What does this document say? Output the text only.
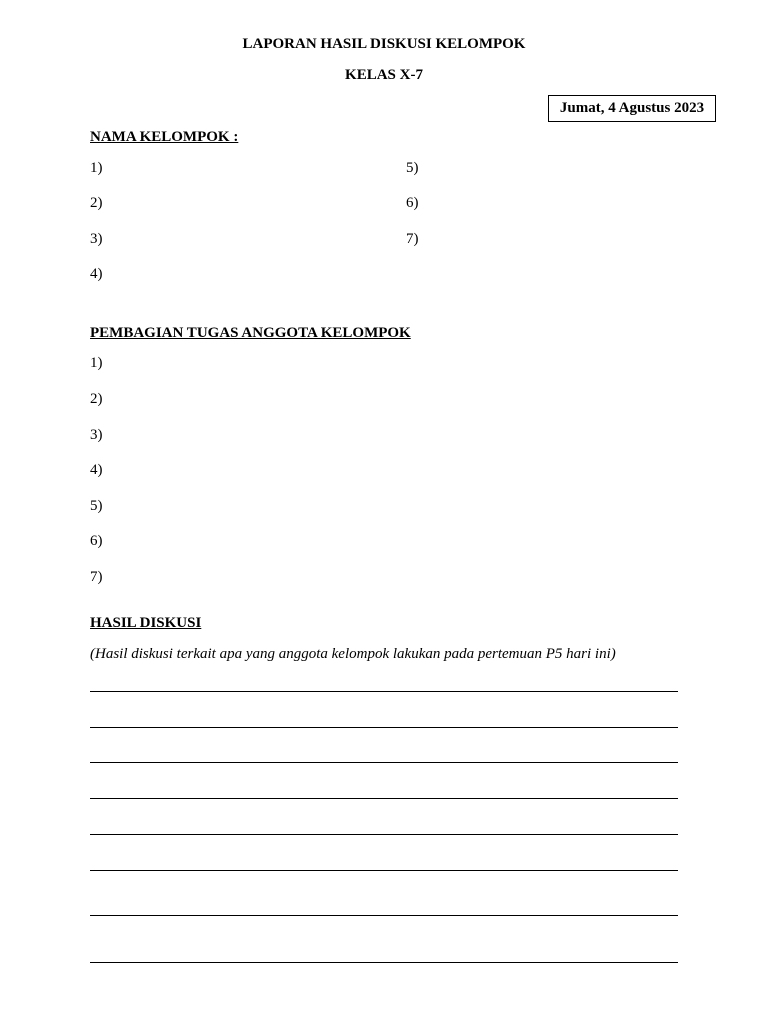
LAPORAN HASIL DISKUSI KELOMPOK
KELAS X-7
Jumat, 4 Agustus 2023
NAMA KELOMPOK :
1)
2)
3)
4)
5)
6)
7)
PEMBAGIAN TUGAS ANGGOTA KELOMPOK
1)
2)
3)
4)
5)
6)
7)
HASIL DISKUSI
(Hasil diskusi terkait apa yang anggota kelompok lakukan pada pertemuan P5 hari ini)
